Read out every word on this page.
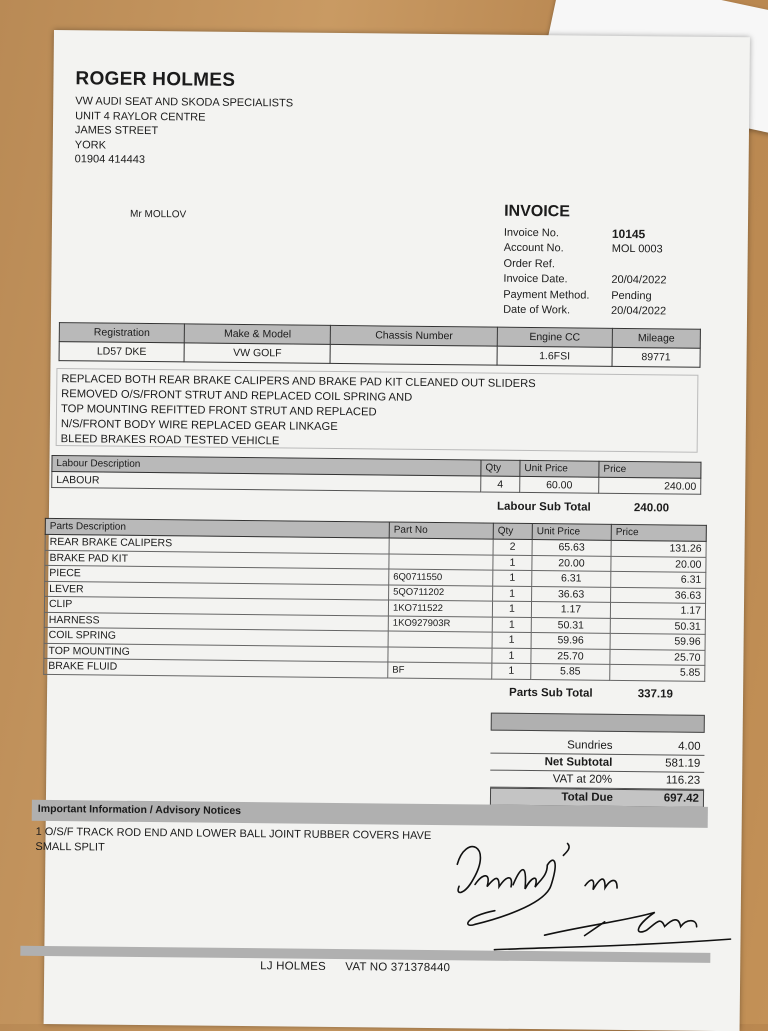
ROGER HOLMES
VW AUDI SEAT AND SKODA SPECIALISTS
UNIT 4 RAYLOR CENTRE
JAMES STREET
YORK
01904 414443
Mr MOLLOV	INVOICE
Invoice No.	10145
Account No.	MOL 0003
Order Ref.
Invoice Date.	20/04/2022
Payment Method.	Pending
Date of Work.	20/04/2022
Registration	Make & Model	Chassis Number	Engine CC	Mileage
LD57 DKE	VW GOLF		1.6FSI	89771
REPLACED BOTH REAR BRAKE CALIPERS AND BRAKE PAD KIT CLEANED OUT SLIDERS
REMOVED O/S/FRONT STRUT AND REPLACED COIL SPRING AND
TOP MOUNTING REFITTED FRONT STRUT AND REPLACED
N/S/FRONT BODY WIRE REPLACED GEAR LINKAGE
BLEED BRAKES ROAD TESTED VEHICLE
Labour Description	Qty	Unit Price	Price
LABOUR	4	60.00	240.00
Labour Sub Total	240.00
Parts Description	Part No	Qty	Unit Price	Price
REAR BRAKE CALIPERS		2	65.63	131.26
BRAKE PAD KIT		1	20.00	20.00
PIECE	6Q0711550	1	6.31	6.31
LEVER	5QO711202	1	36.63	36.63
CLIP	1KO711522	1	1.17	1.17
HARNESS	1KO927903R	1	50.31	50.31
COIL SPRING		1	59.96	59.96
TOP MOUNTING		1	25.70	25.70
BRAKE FLUID	BF	1	5.85	5.85
Parts Sub Total	337.19
Sundries	4.00
Net Subtotal	581.19
VAT at 20%	116.23
Total Due	697.42
Important Information / Advisory Notices
1 O/S/F TRACK ROD END AND LOWER BALL JOINT RUBBER COVERS HAVE
SMALL SPLIT
LJ HOLMES VAT NO 371378440
